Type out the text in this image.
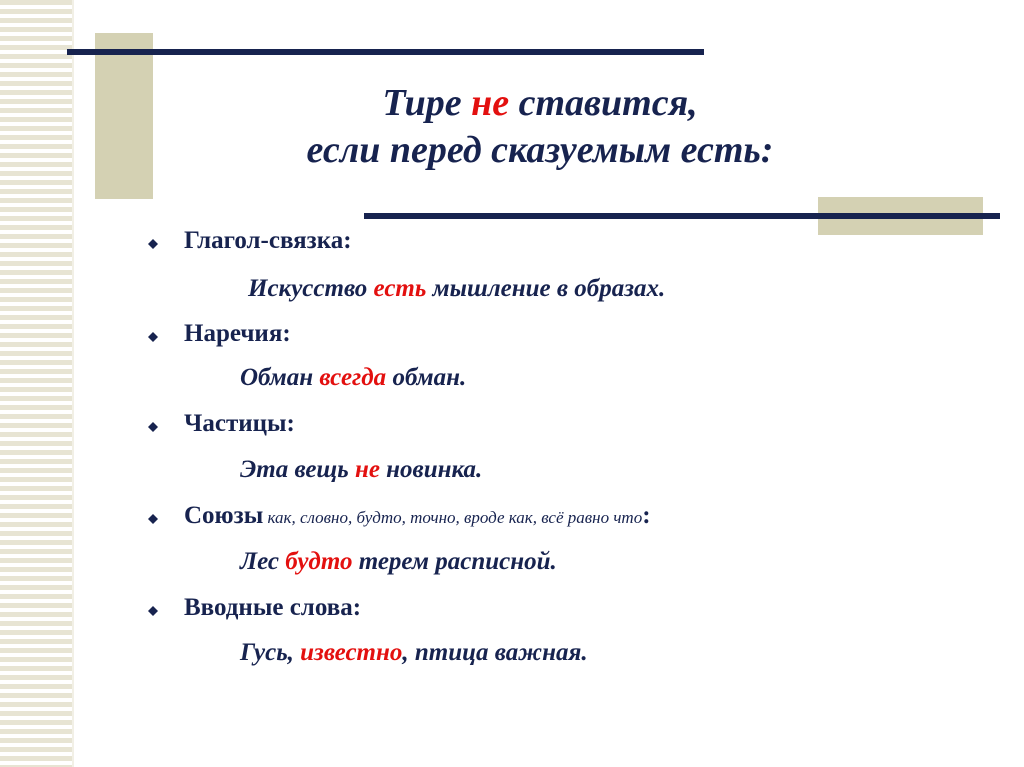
Тире не ставится,
если перед сказуемым есть:
Глагол-связка:
Искусство есть мышление в образах.
Наречия:
Обман всегда обман.
Частицы:
Эта вещь не новинка.
Союзы как, словно, будто, точно, вроде как, всё равно что:
Лес будто терем расписной.
Вводные слова:
Гусь, известно, птица важная.
